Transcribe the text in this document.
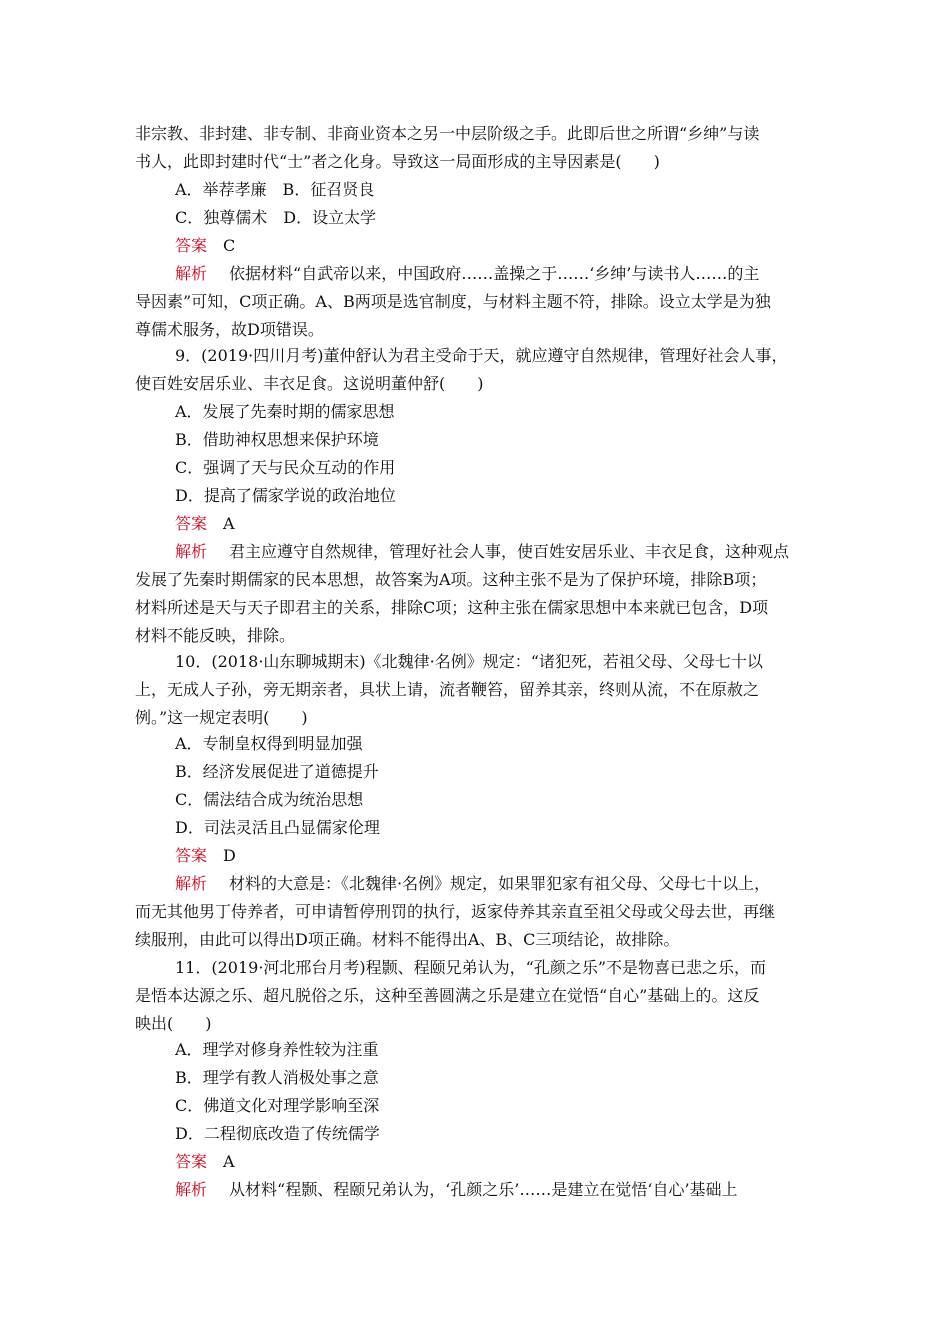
非宗教、非封建、非专制、非商业资本之另一中层阶级之手。此即后世之所谓“乡绅”与读
书人，此即封建时代“士”者之化身。导致这一局面形成的主导因素是(　　)
A．举荐孝廉　B．征召贤良
C．独尊儒术　D．设立太学
答案 C
解析 依据材料“自武帝以来，中国政府……盖操之于……‘乡绅’与读书人……的主
导因素”可知，C项正确。A、B两项是选官制度，与材料主题不符，排除。设立太学是为独
尊儒术服务，故D项错误。
9．(2019·四川月考)董仲舒认为君主受命于天，就应遵守自然规律，管理好社会人事，
使百姓安居乐业、丰衣足食。这说明董仲舒(　　)
A．发展了先秦时期的儒家思想
B．借助神权思想来保护环境
C．强调了天与民众互动的作用
D．提高了儒家学说的政治地位
答案 A
解析 君主应遵守自然规律，管理好社会人事，使百姓安居乐业、丰衣足食，这种观点
发展了先秦时期儒家的民本思想，故答案为A项。这种主张不是为了保护环境，排除B项；
材料所述是天与天子即君主的关系，排除C项；这种主张在儒家思想中本来就已包含，D项
材料不能反映，排除。
10．(2018·山东聊城期末)《北魏律·名例》规定：“诸犯死，若祖父母、父母七十以
上，无成人子孙，旁无期亲者，具状上请，流者鞭笞，留养其亲，终则从流，不在原赦之
例。”这一规定表明(　　)
A．专制皇权得到明显加强
B．经济发展促进了道德提升
C．儒法结合成为统治思想
D．司法灵活且凸显儒家伦理
答案 D
解析 材料的大意是：《北魏律·名例》规定，如果罪犯家有祖父母、父母七十以上，
而无其他男丁侍养者，可申请暂停刑罚的执行，返家侍养其亲直至祖父母或父母去世，再继
续服刑，由此可以得出D项正确。材料不能得出A、B、C三项结论，故排除。
11．(2019·河北邢台月考)程颢、程颐兄弟认为，“孔颜之乐”不是物喜已悲之乐，而
是悟本达源之乐、超凡脱俗之乐，这种至善圆满之乐是建立在觉悟“自心”基础上的。这反
映出(　　)
A．理学对修身养性较为注重
B．理学有教人消极处事之意
C．佛道文化对理学影响至深
D．二程彻底改造了传统儒学
答案 A
解析 从材料“程颢、程颐兄弟认为，‘孔颜之乐’……是建立在觉悟‘自心’基础上
